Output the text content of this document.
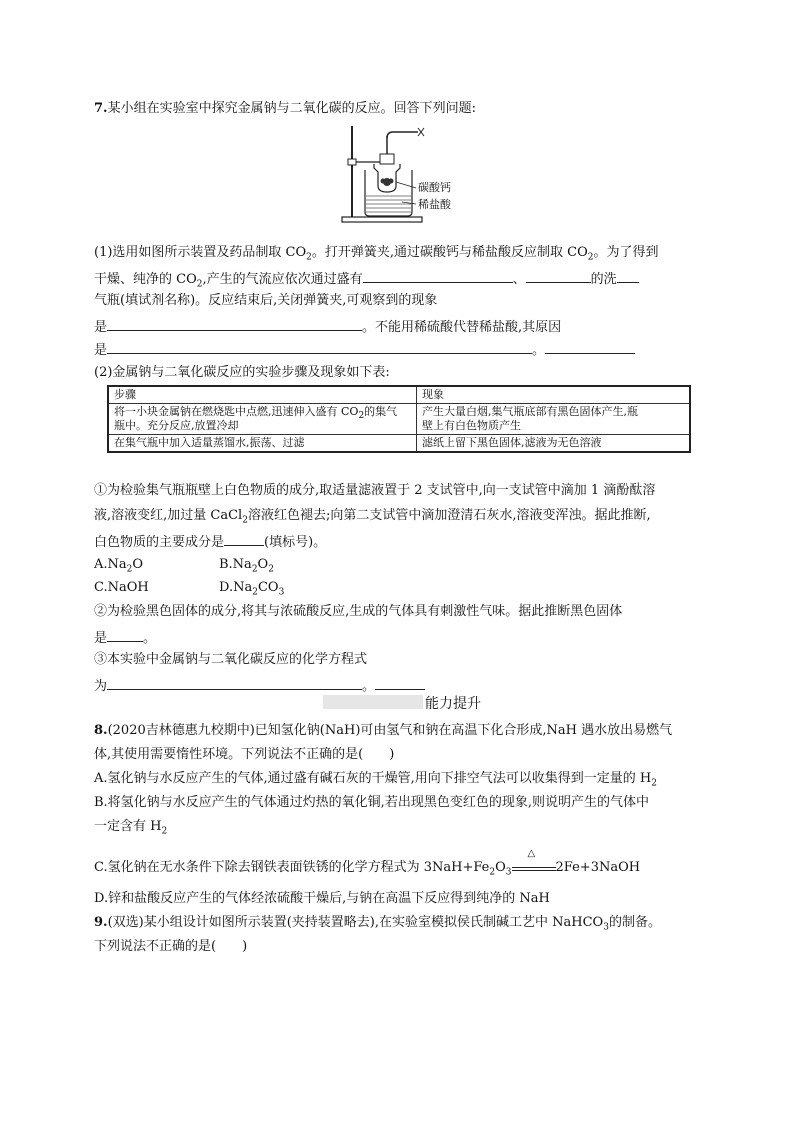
7.某小组在实验室中探究金属钠与二氧化碳的反应。回答下列问题:
碳酸钙
稀盐酸
(1)选用如图所示装置及药品制取 $CO_2$。打开弹簧夹,通过碳酸钙与稀盐酸反应制取 $CO_2$。为了得到
干燥、纯净的 $CO_2$,产生的气流应依次通过盛有	、	的洗
气瓶(填试剂名称)。反应结束后,关闭弹簧夹,可观察到的现象
是	。不能用稀硫酸代替稀盐酸,其原因
是	。
(2)金属钠与二氧化碳反应的实验步骤及现象如下表:
步骤	现象
将一小块金属钠在燃烧匙中点燃,迅速伸入盛有 $CO_2$的集气
瓶中。充分反应,放置冷却	产生大量白烟,集气瓶底部有黑色固体产生,瓶
壁上有白色物质产生
在集气瓶中加入适量蒸馏水,振荡、过滤	滤纸上留下黑色固体,滤液为无色溶液
①为检验集气瓶瓶壁上白色物质的成分,取适量滤液置于 2 支试管中,向一支试管中滴加 1 滴酚酞溶
液,溶液变红,加过量 CaCl$_2$溶液红色褪去;向第二支试管中滴加澄清石灰水,溶液变浑浊。据此推断,
白色物质的主要成分是	(填标号)。
$A.Na_2O$	$B.Na_2O_2$
C.NaOH	$D.Na_2CO_3$
②为检验黑色固体的成分,将其与浓硫酸反应,生成的气体具有刺激性气味。据此推断黑色固体
是	。
③本实验中金属钠与二氧化碳反应的化学方程式
为	。
能力提升
8.(2020吉林德惠九校期中)已知氢化钠(NaH)可由氢气和钠在高温下化合形成,NaH 遇水放出易燃气
体,其使用需要惰性环境。下列说法不正确的是(　　)
A.氢化钠与水反应产生的气体,通过盛有碱石灰的干燥管,用向下排空气法可以收集得到一定量的 $H_2$
B.将氢化钠与水反应产生的气体通过灼热的氧化铜,若出现黑色变红色的现象,则说明产生的气体中
一定含有 $H_2$
C.氢化钠在无水条件下除去钢铁表面铁锈的化学方程式为 $3NaH+Fe_2O_3$
△
2Fe+3NaOH
D.锌和盐酸反应产生的气体经浓硫酸干燥后,与钠在高温下反应得到纯净的 NaH
9.(双选)某小组设计如图所示装置(夹持装置略去),在实验室模拟侯氏制碱工艺中 NaHCO$_3$的制备。
下列说法不正确的是(　　)
